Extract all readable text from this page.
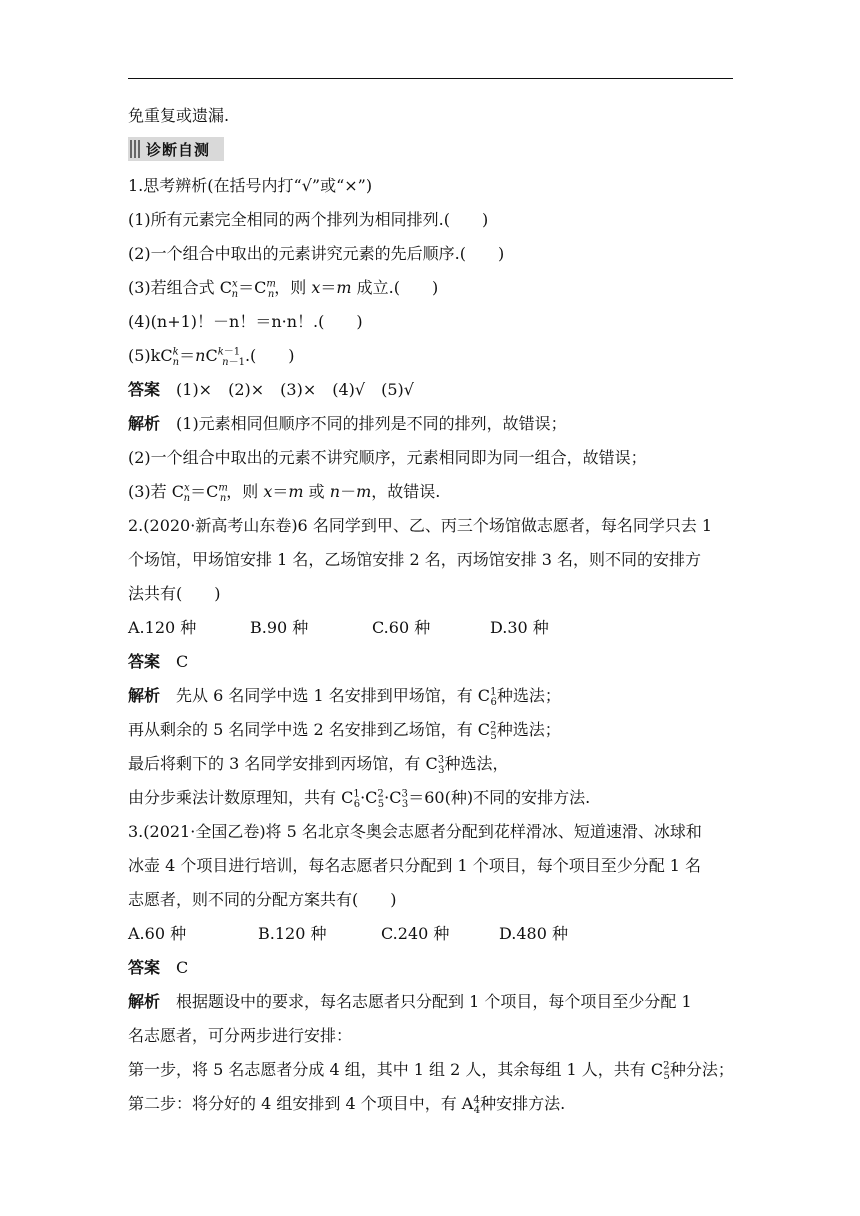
免重复或遗漏.
诊断自测
1.思考辨析(在括号内打“√”或“×”)
(1)所有元素完全相同的两个排列为相同排列.(　　)
(2)一个组合中取出的元素讲究元素的先后顺序.(　　)
(3)若组合式 $C^x_n=C^m_n$，则 x＝m 成立.(　　)
(4)(n+1)！－n！＝n·n！.(　　)
$(5)kC^k_n=nC^{k-1}_{n-1}$.(　　)
答案 (1)×　(2)×　(3)×　(4)√　(5)√
解析 (1)元素相同但顺序不同的排列是不同的排列，故错误；
(2)一个组合中取出的元素不讲究顺序，元素相同即为同一组合，故错误；
(3)若 $C^x_n=C^m_n$，则 x＝m 或 n－m，故错误.
2.(2020·新高考山东卷)6 名同学到甲、乙、丙三个场馆做志愿者，每名同学只去 1
个场馆，甲场馆安排 1 名，乙场馆安排 2 名，丙场馆安排 3 名，则不同的安排方
法共有(　　)
A.120 种	B.90 种	C.60 种	D.30 种
答案 C
解析 先从 6 名同学中选 1 名安排到甲场馆，有 $C^1_6$种选法；
再从剩余的 5 名同学中选 2 名安排到乙场馆，有 $C^2_5$种选法；
最后将剩下的 3 名同学安排到丙场馆，有 $C^3_3$种选法，
由分步乘法计数原理知，共有 $C^1_6\cdot C^2_5\cdot C^3_3=60$(种)不同的安排方法.
3.(2021·全国乙卷)将 5 名北京冬奥会志愿者分配到花样滑冰、短道速滑、冰球和
冰壶 4 个项目进行培训，每名志愿者只分配到 1 个项目，每个项目至少分配 1 名
志愿者，则不同的分配方案共有(　　)
A.60 种	B.120 种	C.240 种	D.480 种
答案 C
解析 根据题设中的要求，每名志愿者只分配到 1 个项目，每个项目至少分配 1
名志愿者，可分两步进行安排：
第一步，将 5 名志愿者分成 4 组，其中 1 组 2 人，其余每组 1 人，共有 $C^2_5$种分法；
第二步：将分好的 4 组安排到 4 个项目中，有 $A^4_4$种安排方法.
